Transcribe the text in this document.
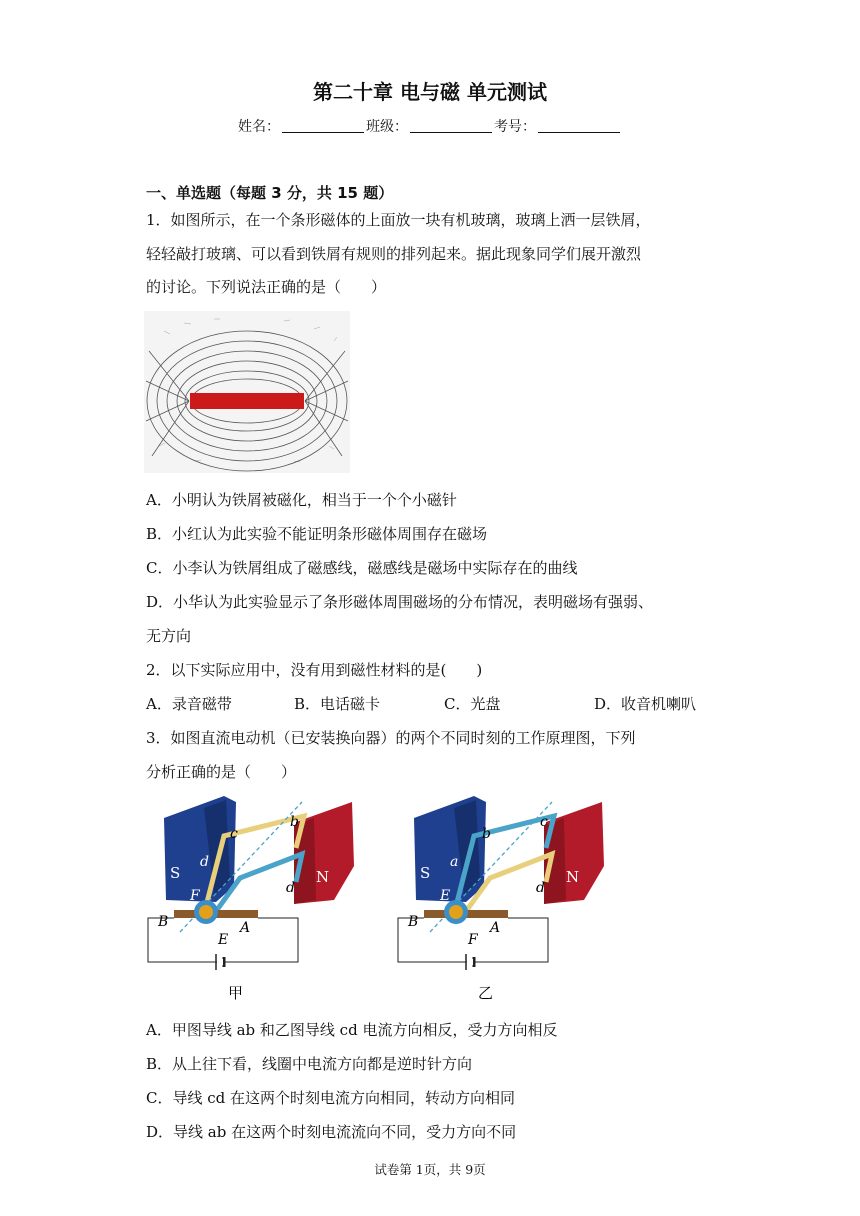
第二十章 电与磁 单元测试
姓名：	班级：	考号：
一、单选题（每题 3 分，共 15 题）
1．如图所示，在一个条形磁体的上面放一块有机玻璃，玻璃上洒一层铁屑，
轻轻敲打玻璃、可以看到铁屑有规则的排列起来。据此现象同学们展开激烈
的讨论。下列说法正确的是（　　）
A．小明认为铁屑被磁化，相当于一个个小磁针
B．小红认为此实验不能证明条形磁体周围存在磁场
C．小李认为铁屑组成了磁感线，磁感线是磁场中实际存在的曲线
D．小华认为此实验显示了条形磁体周围磁场的分布情况，表明磁场有强弱、
无方向
2．以下实际应用中，没有用到磁性材料的是(　　)
A．录音磁带	B．电话磁卡	C．光盘	D．收音机喇叭
3．如图直流电动机（已安装换向器）的两个不同时刻的工作原理图，下列
分析正确的是（　　）
S	N
c
b
d
d
F
B	A
E
甲
S	N
c
b
a
d
E
B	A
F
乙
A．甲图导线 ab 和乙图导线 cd 电流方向相反，受力方向相反
B．从上往下看，线圈中电流方向都是逆时针方向
C．导线 cd 在这两个时刻电流方向相同，转动方向相同
D．导线 ab 在这两个时刻电流流向不同，受力方向不同
试卷第 1页，共 9页
